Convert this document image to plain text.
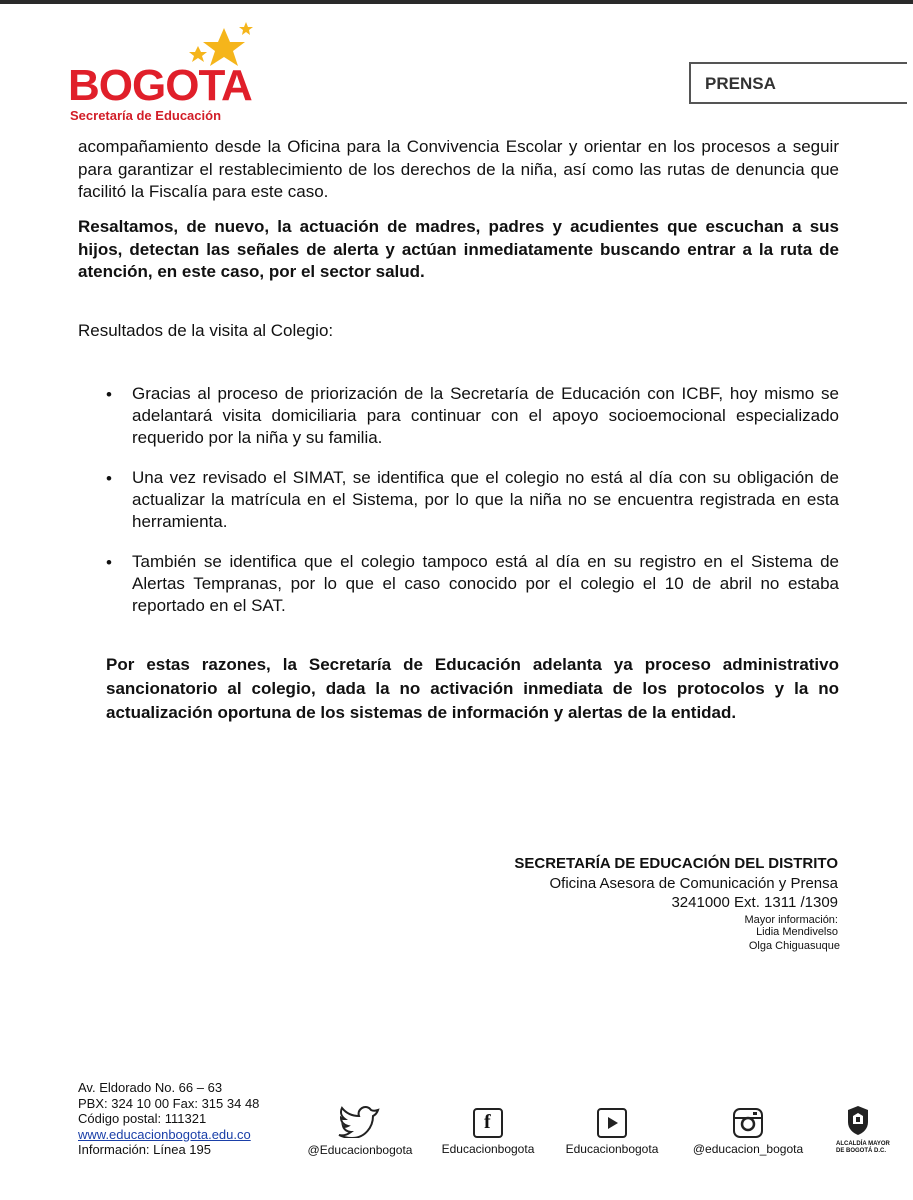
BOGOTA
Secretaría de Educación
PRENSA

acompañamiento desde la Oficina para la Convivencia Escolar y orientar en los procesos a seguir para garantizar el restablecimiento de los derechos de la niña, así como las rutas de denuncia que facilitó la Fiscalía para este caso.

Resaltamos, de nuevo, la actuación de madres, padres y acudientes que escuchan a sus hijos, detectan las señales de alerta y actúan inmediatamente buscando entrar a la ruta de atención, en este caso, por el sector salud.

Resultados de la visita al Colegio:

• Gracias al proceso de priorización de la Secretaría de Educación con ICBF, hoy mismo se adelantará visita domiciliaria para continuar con el apoyo socioemocional especializado requerido por la niña y su familia.

• Una vez revisado el SIMAT, se identifica que el colegio no está al día con su obligación de actualizar la matrícula en el Sistema, por lo que la niña no se encuentra registrada en esta herramienta.

• También se identifica que el colegio tampoco está al día en su registro en el Sistema de Alertas Tempranas, por lo que el caso conocido por el colegio el 10 de abril no estaba reportado en el SAT.

Por estas razones, la Secretaría de Educación adelanta ya proceso administrativo sancionatorio al colegio, dada la no activación inmediata de los protocolos y la no actualización oportuna de los sistemas de información y alertas de la entidad.

SECRETARÍA DE EDUCACIÓN DEL DISTRITO
Oficina Asesora de Comunicación y Prensa
3241000 Ext. 1311 /1309
Mayor información:
Lidia Mendivelso
Olga Chiguasuque
Av. Eldorado No. 66 – 63
PBX: 324 10 00 Fax: 315 34 48
Código postal: 111321
www.educacionbogota.edu.co
Información: Línea 195	@Educacionbogota
f
Educacionbogota	Educacionbogota	@educacion_bogota	ALCALDÍA MAYOR
DE BOGOTÁ D.C.
